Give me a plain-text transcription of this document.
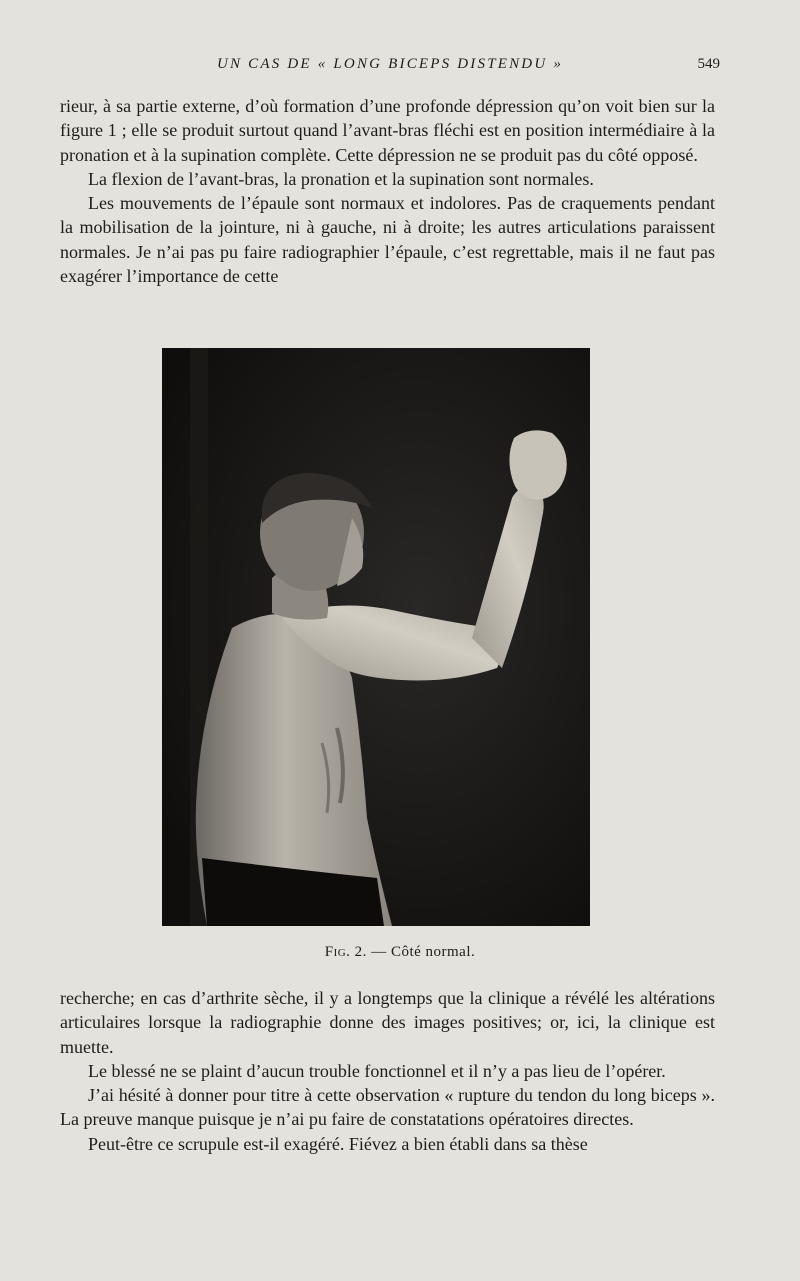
UN CAS DE « LONG BICEPS DISTENDU »	549

rieur, à sa partie externe, d’où formation d’une profonde dépression qu’on voit bien sur la figure 1 ; elle se produit surtout quand l’avant-bras fléchi est en position intermédiaire à la pronation et à la supination complète. Cette dépression ne se produit pas du côté opposé.

La flexion de l’avant-bras, la pronation et la supination sont normales.

Les mouvements de l’épaule sont normaux et indolores. Pas de craquements pendant la mobilisation de la jointure, ni à gauche, ni à droite; les autres articulations paraissent normales. Je n’ai pas pu faire radiographier l’épaule, c’est regrettable, mais il ne faut pas exagérer l’importance de cette

Fig. 2. — Côté normal.

recherche; en cas d’arthrite sèche, il y a longtemps que la clinique a révélé les altérations articulaires lorsque la radiographie donne des images positives; or, ici, la clinique est muette.

Le blessé ne se plaint d’aucun trouble fonctionnel et il n’y a pas lieu de l’opérer.

J’ai hésité à donner pour titre à cette observation « rupture du tendon du long biceps ». La preuve manque puisque je n’ai pu faire de constatations opératoires directes.

Peut-être ce scrupule est-il exagéré. Fiévez a bien établi dans sa thèse
